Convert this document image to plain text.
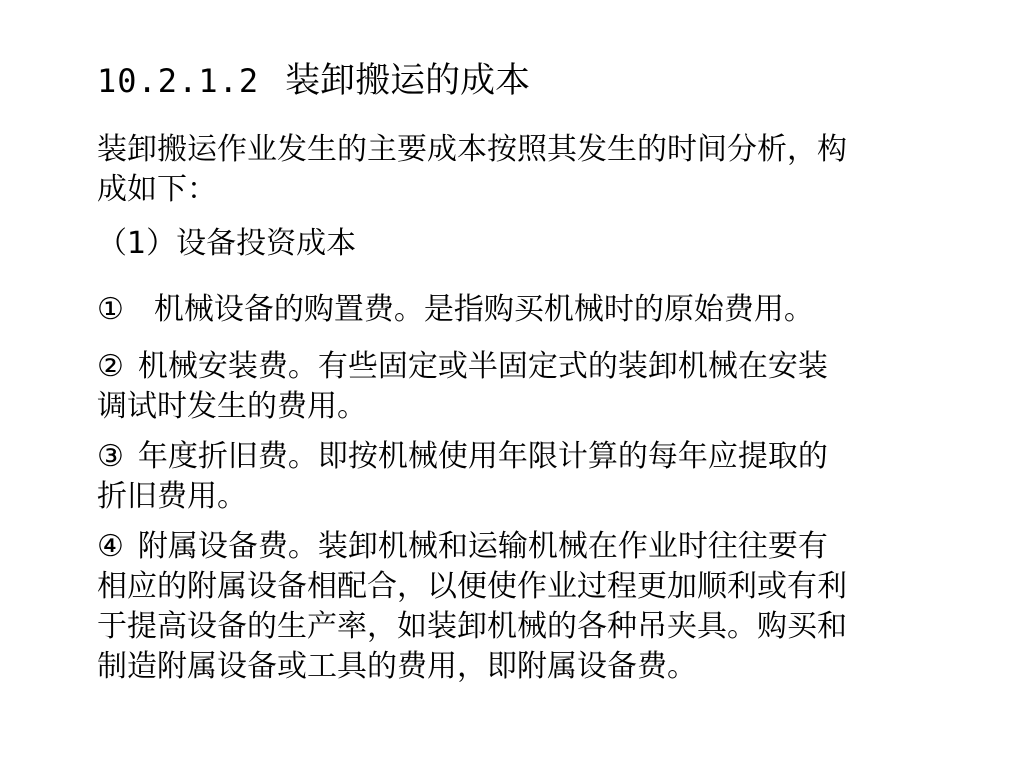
10.2.1.2 装卸搬运的成本
装卸搬运作业发生的主要成本按照其发生的时间分析，构
成如下：
（1）设备投资成本
① 机械设备的购置费。是指购买机械时的原始费用。
② 机械安装费。有些固定或半固定式的装卸机械在安装
调试时发生的费用。
③ 年度折旧费。即按机械使用年限计算的每年应提取的
折旧费用。
④ 附属设备费。装卸机械和运输机械在作业时往往要有
相应的附属设备相配合，以便使作业过程更加顺利或有利
于提高设备的生产率，如装卸机械的各种吊夹具。购买和
制造附属设备或工具的费用，即附属设备费。
